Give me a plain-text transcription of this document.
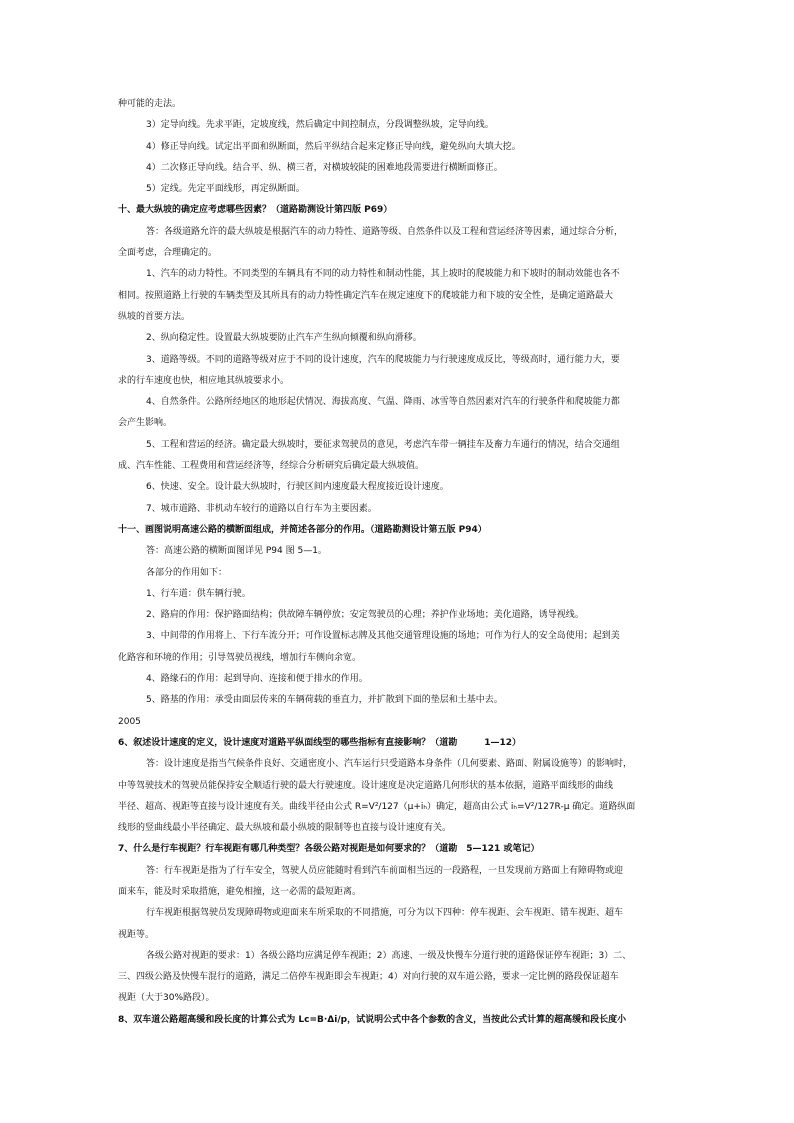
种可能的走法。
3）定导向线。先求平距，定坡度线，然后确定中间控制点，分段调整纵坡，定导向线。
4）修正导向线。试定出平面和纵断面，然后平纵结合起来定修正导向线，避免纵向大填大挖。
4）二次修正导向线。结合平、纵、横三者，对横坡较陡的困难地段需要进行横断面修正。
5）定线。先定平面线形，再定纵断面。
十、最大纵坡的确定应考虑哪些因素？（道路勘测设计第四版 P69）
答：各级道路允许的最大纵坡是根据汽车的动力特性、道路等级、自然条件以及工程和营运经济等因素，通过综合分析，
全面考虑，合理确定的。
1、汽车的动力特性。不同类型的车辆具有不同的动力特性和制动性能，其上坡时的爬坡能力和下坡时的制动效能也各不
相同。按照道路上行驶的车辆类型及其所具有的动力特性确定汽车在规定速度下的爬坡能力和下坡的安全性，是确定道路最大
纵坡的首要方法。
2、纵向稳定性。设置最大纵坡要防止汽车产生纵向倾覆和纵向滑移。
3、道路等级。不同的道路等级对应于不同的设计速度，汽车的爬坡能力与行驶速度成反比，等级高时，通行能力大，要
求的行车速度也快，相应地其纵坡要求小。
4、自然条件。公路所经地区的地形起伏情况、海拔高度、气温、降雨、冰雪等自然因素对汽车的行驶条件和爬坡能力都
会产生影响。
5、工程和营运的经济。确定最大纵坡时，要征求驾驶员的意见，考虑汽车带一辆挂车及畜力车通行的情况，结合交通组
成、汽车性能、工程费用和营运经济等，经综合分析研究后确定最大纵坡值。
6、快速、安全。设计最大纵坡时，行驶区间内速度最大程度接近设计速度。
7、城市道路、非机动车较行的道路以自行车为主要因素。
十一、画图说明高速公路的横断面组成，并简述各部分的作用。（道路勘测设计第五版 P94）
答：高速公路的横断面图详见 P94 图 5—1。
各部分的作用如下：
1、行车道：供车辆行驶。
2、路肩的作用：保护路面结构；供故障车辆停放；安定驾驶员的心理；养护作业场地；美化道路，诱导视线。
3、中间带的作用将上、下行车流分开；可作设置标志牌及其他交通管理设施的场地；可作为行人的安全岛使用；起到美
化路容和环境的作用；引导驾驶员视线，增加行车侧向余宽。
4、路缘石的作用：起到导向、连接和便于排水的作用。
5、路基的作用：承受由面层传来的车辆荷载的垂直力，并扩散到下面的垫层和土基中去。
2005
6、叙述设计速度的定义，设计速度对道路平纵面线型的哪些指标有直接影响？（道勘　　　1—12）
答：设计速度是指当气候条件良好、交通密度小、汽车运行只受道路本身条件（几何要素、路面、附属设施等）的影响时，
中等驾驶技术的驾驶员能保持安全顺适行驶的最大行驶速度。设计速度是决定道路几何形状的基本依据，道路平面线形的曲线
半径、超高、视距等直接与设计速度有关。曲线半径由公式 R=V²/127（μ+iₕ）确定，超高由公式 iₕ=V²/127R-μ 确定。道路纵面
线形的竖曲线最小半径确定、最大纵坡和最小纵坡的限制等也直接与设计速度有关。
7、什么是行车视距？行车视距有哪几种类型？各级公路对视距是如何要求的？（道勘　5—121 或笔记）
答：行车视距是指为了行车安全，驾驶人员应能随时看到汽车前面相当远的一段路程，一旦发现前方路面上有障碍物或迎
面来车，能及时采取措施，避免相撞，这一必需的最短距离。
行车视距根据驾驶员发现障碍物或迎面来车所采取的不同措施，可分为以下四种：停车视距、会车视距、错车视距、超车
视距等。
各级公路对视距的要求：1）各级公路均应满足停车视距；2）高速、一级及快慢车分道行驶的道路保证停车视距；3）二、
三、四级公路及快慢车混行的道路，满足二倍停车视距即会车视距；4）对向行驶的双车道公路，要求一定比例的路段保证超车
视距（大于30%路段）。
8、双车道公路超高缓和段长度的计算公式为 Lc=B·Δi/p，试说明公式中各个参数的含义，当按此公式计算的超高缓和段长度小
